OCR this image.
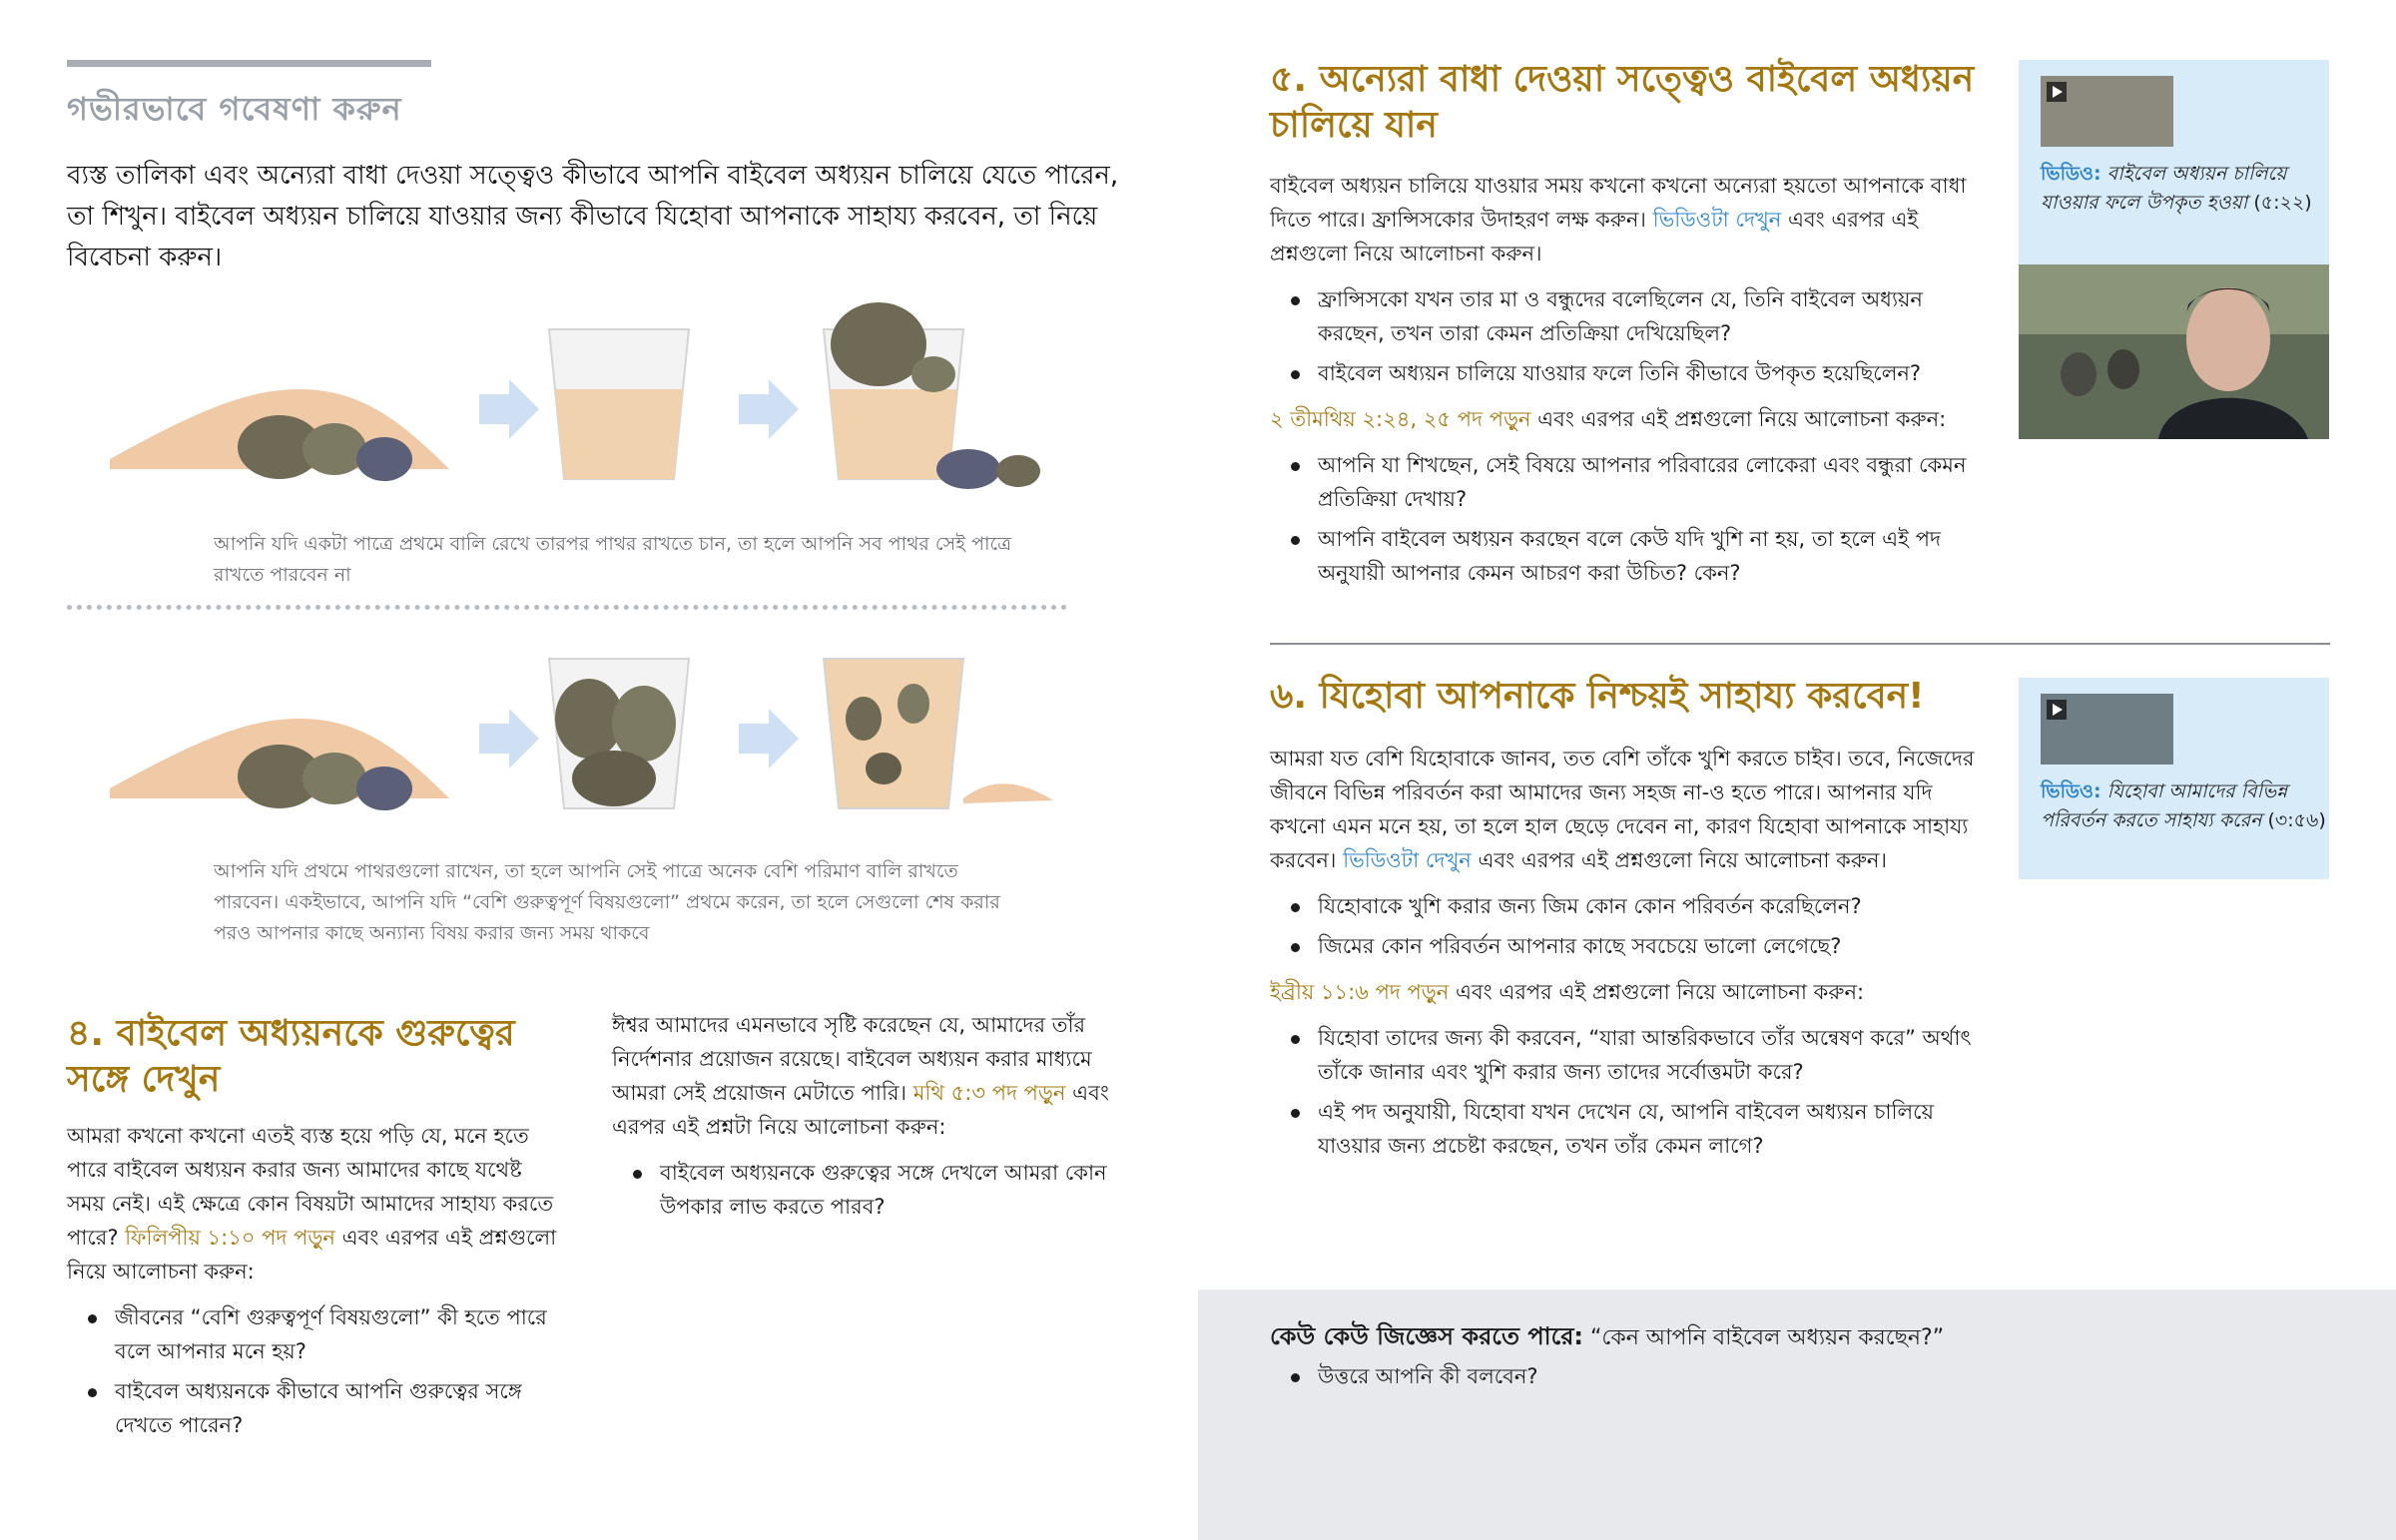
গভীরভাবে গবেষণা করুন

ব্যস্ত তালিকা এবং অন্যেরা বাধা দেওয়া সত্ত্বেও কীভাবে আপনি বাইবেল অধ্যয়ন চালিয়ে যেতে পারেন, তা শিখুন। বাইবেল অধ্যয়ন চালিয়ে যাওয়ার জন্য কীভাবে যিহোবা আপনাকে সাহায্য করবেন, তা নিয়ে বিবেচনা করুন।

আপনি যদি একটা পাত্রে প্রথমে বালি রেখে তারপর পাথর রাখতে চান, তা হলে আপনি সব পাথর সেই পাত্রে রাখতে পারবেন না
আপনি যদি প্রথমে পাথরগুলো রাখেন, তা হলে আপনি সেই পাত্রে অনেক বেশি পরিমাণ বালি রাখতে পারবেন। একইভাবে, আপনি যদি “বেশি গুরুত্বপূর্ণ বিষয়গুলো” প্রথমে করেন, তা হলে সেগুলো শেষ করার পরও আপনার কাছে অন্যান্য বিষয় করার জন্য সময় থাকবে
৪. বাইবেল অধ্যয়নকে গুরুত্বের সঙ্গে দেখুন

আমরা কখনো কখনো এতই ব্যস্ত হয়ে পড়ি যে, মনে হতে পারে বাইবেল অধ্যয়ন করার জন্য আমাদের কাছে যথেষ্ট সময় নেই। এই ক্ষেত্রে কোন বিষয়টা আমাদের সাহায্য করতে পারে? ফিলিপীয় ১:১০ পদ পড়ুন এবং এরপর এই প্রশ্নগুলো নিয়ে আলোচনা করুন:

জীবনের “বেশি গুরুত্বপূর্ণ বিষয়গুলো” কী হতে পারে বলে আপনার মনে হয়?
বাইবেল অধ্যয়নকে কীভাবে আপনি গুরুত্বের সঙ্গে দেখতে পারেন?

ঈশ্বর আমাদের এমনভাবে সৃষ্টি করেছেন যে, আমাদের তাঁর নির্দেশনার প্রয়োজন রয়েছে। বাইবেল অধ্যয়ন করার মাধ্যমে আমরা সেই প্রয়োজন মেটাতে পারি। মথি ৫:৩ পদ পড়ুন এবং এরপর এই প্রশ্নটা নিয়ে আলোচনা করুন:

বাইবেল অধ্যয়নকে গুরুত্বের সঙ্গে দেখলে আমরা কোন উপকার লাভ করতে পারব?
৫. অন্যেরা বাধা দেওয়া সত্ত্বেও বাইবেল অধ্যয়ন চালিয়ে যান

বাইবেল অধ্যয়ন চালিয়ে যাওয়ার সময় কখনো কখনো অন্যেরা হয়তো আপনাকে বাধা দিতে পারে। ফ্রান্সিসকোর উদাহরণ লক্ষ করুন। ভিডিওটা দেখুন এবং এরপর এই প্রশ্নগুলো নিয়ে আলোচনা করুন।

ফ্রান্সিসকো যখন তার মা ও বন্ধুদের বলেছিলেন যে, তিনি বাইবেল অধ্যয়ন করছেন, তখন তারা কেমন প্রতিক্রিয়া দেখিয়েছিল?
বাইবেল অধ্যয়ন চালিয়ে যাওয়ার ফলে তিনি কীভাবে উপকৃত হয়েছিলেন?

২ তীমথিয় ২:২৪, ২৫ পদ পড়ুন এবং এরপর এই প্রশ্নগুলো নিয়ে আলোচনা করুন:

আপনি যা শিখছেন, সেই বিষয়ে আপনার পরিবারের লোকেরা এবং বন্ধুরা কেমন প্রতিক্রিয়া দেখায়?
আপনি বাইবেল অধ্যয়ন করছেন বলে কেউ যদি খুশি না হয়, তা হলে এই পদ অনুযায়ী আপনার কেমন আচরণ করা উচিত? কেন?
ভিডিও: বাইবেল অধ্যয়ন চালিয়ে যাওয়ার ফলে উপকৃত হওয়া (৫:২২)
৬. যিহোবা আপনাকে নিশ্চয়ই সাহায্য করবেন!

আমরা যত বেশি যিহোবাকে জানব, তত বেশি তাঁকে খুশি করতে চাইব। তবে, নিজেদের জীবনে বিভিন্ন পরিবর্তন করা আমাদের জন্য সহজ না-ও হতে পারে। আপনার যদি কখনো এমন মনে হয়, তা হলে হাল ছেড়ে দেবেন না, কারণ যিহোবা আপনাকে সাহায্য করবেন। ভিডিওটা দেখুন এবং এরপর এই প্রশ্নগুলো নিয়ে আলোচনা করুন।

যিহোবাকে খুশি করার জন্য জিম কোন কোন পরিবর্তন করেছিলেন?
জিমের কোন পরিবর্তন আপনার কাছে সবচেয়ে ভালো লেগেছে?

ইব্রীয় ১১:৬ পদ পড়ুন এবং এরপর এই প্রশ্নগুলো নিয়ে আলোচনা করুন:

যিহোবা তাদের জন্য কী করবেন, “যারা আন্তরিকভাবে তাঁর অন্বেষণ করে” অর্থাৎ তাঁকে জানার এবং খুশি করার জন্য তাদের সর্বোত্তমটা করে?
এই পদ অনুযায়ী, যিহোবা যখন দেখেন যে, আপনি বাইবেল অধ্যয়ন চালিয়ে যাওয়ার জন্য প্রচেষ্টা করছেন, তখন তাঁর কেমন লাগে?
ভিডিও: যিহোবা আমাদের বিভিন্ন পরিবর্তন করতে সাহায্য করেন (৩:৫৬)

কেউ কেউ জিজ্ঞেস করতে পারে: “কেন আপনি বাইবেল অধ্যয়ন করছেন?”

উত্তরে আপনি কী বলবেন?
